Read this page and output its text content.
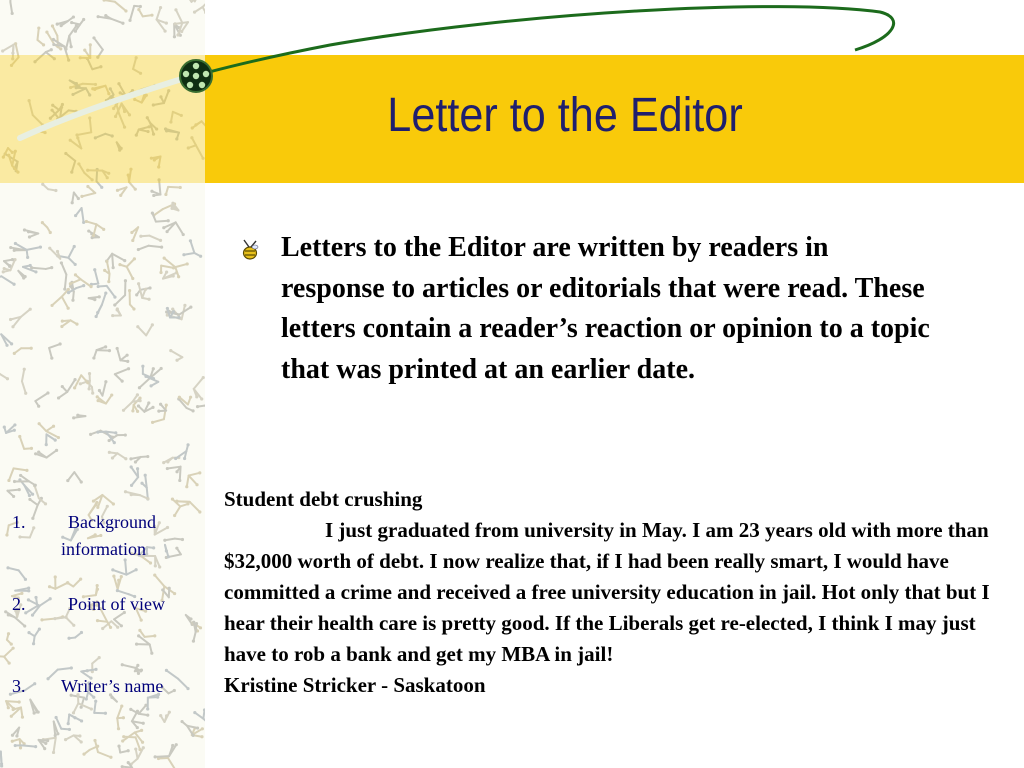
Letter to the Editor
Letters to the Editor are written by readers in response to articles or editorials that were read. These letters contain a reader’s reaction or opinion to a topic that was printed at an earlier date.

Student debt crushing

I just graduated from university in May. I am 23 years old with more than $32,000 worth of debt. I now realize that, if I had been really smart, I would have committed a crime and received a free university education in jail. Hot only that but I hear their health care is pretty good. If the Liberals get re-elected, I think I may just have to rob a bank and get my MBA in jail!

Kristine Stricker - Saskatoon

1. Background
information
2. Point of view
3. Writer’s name
